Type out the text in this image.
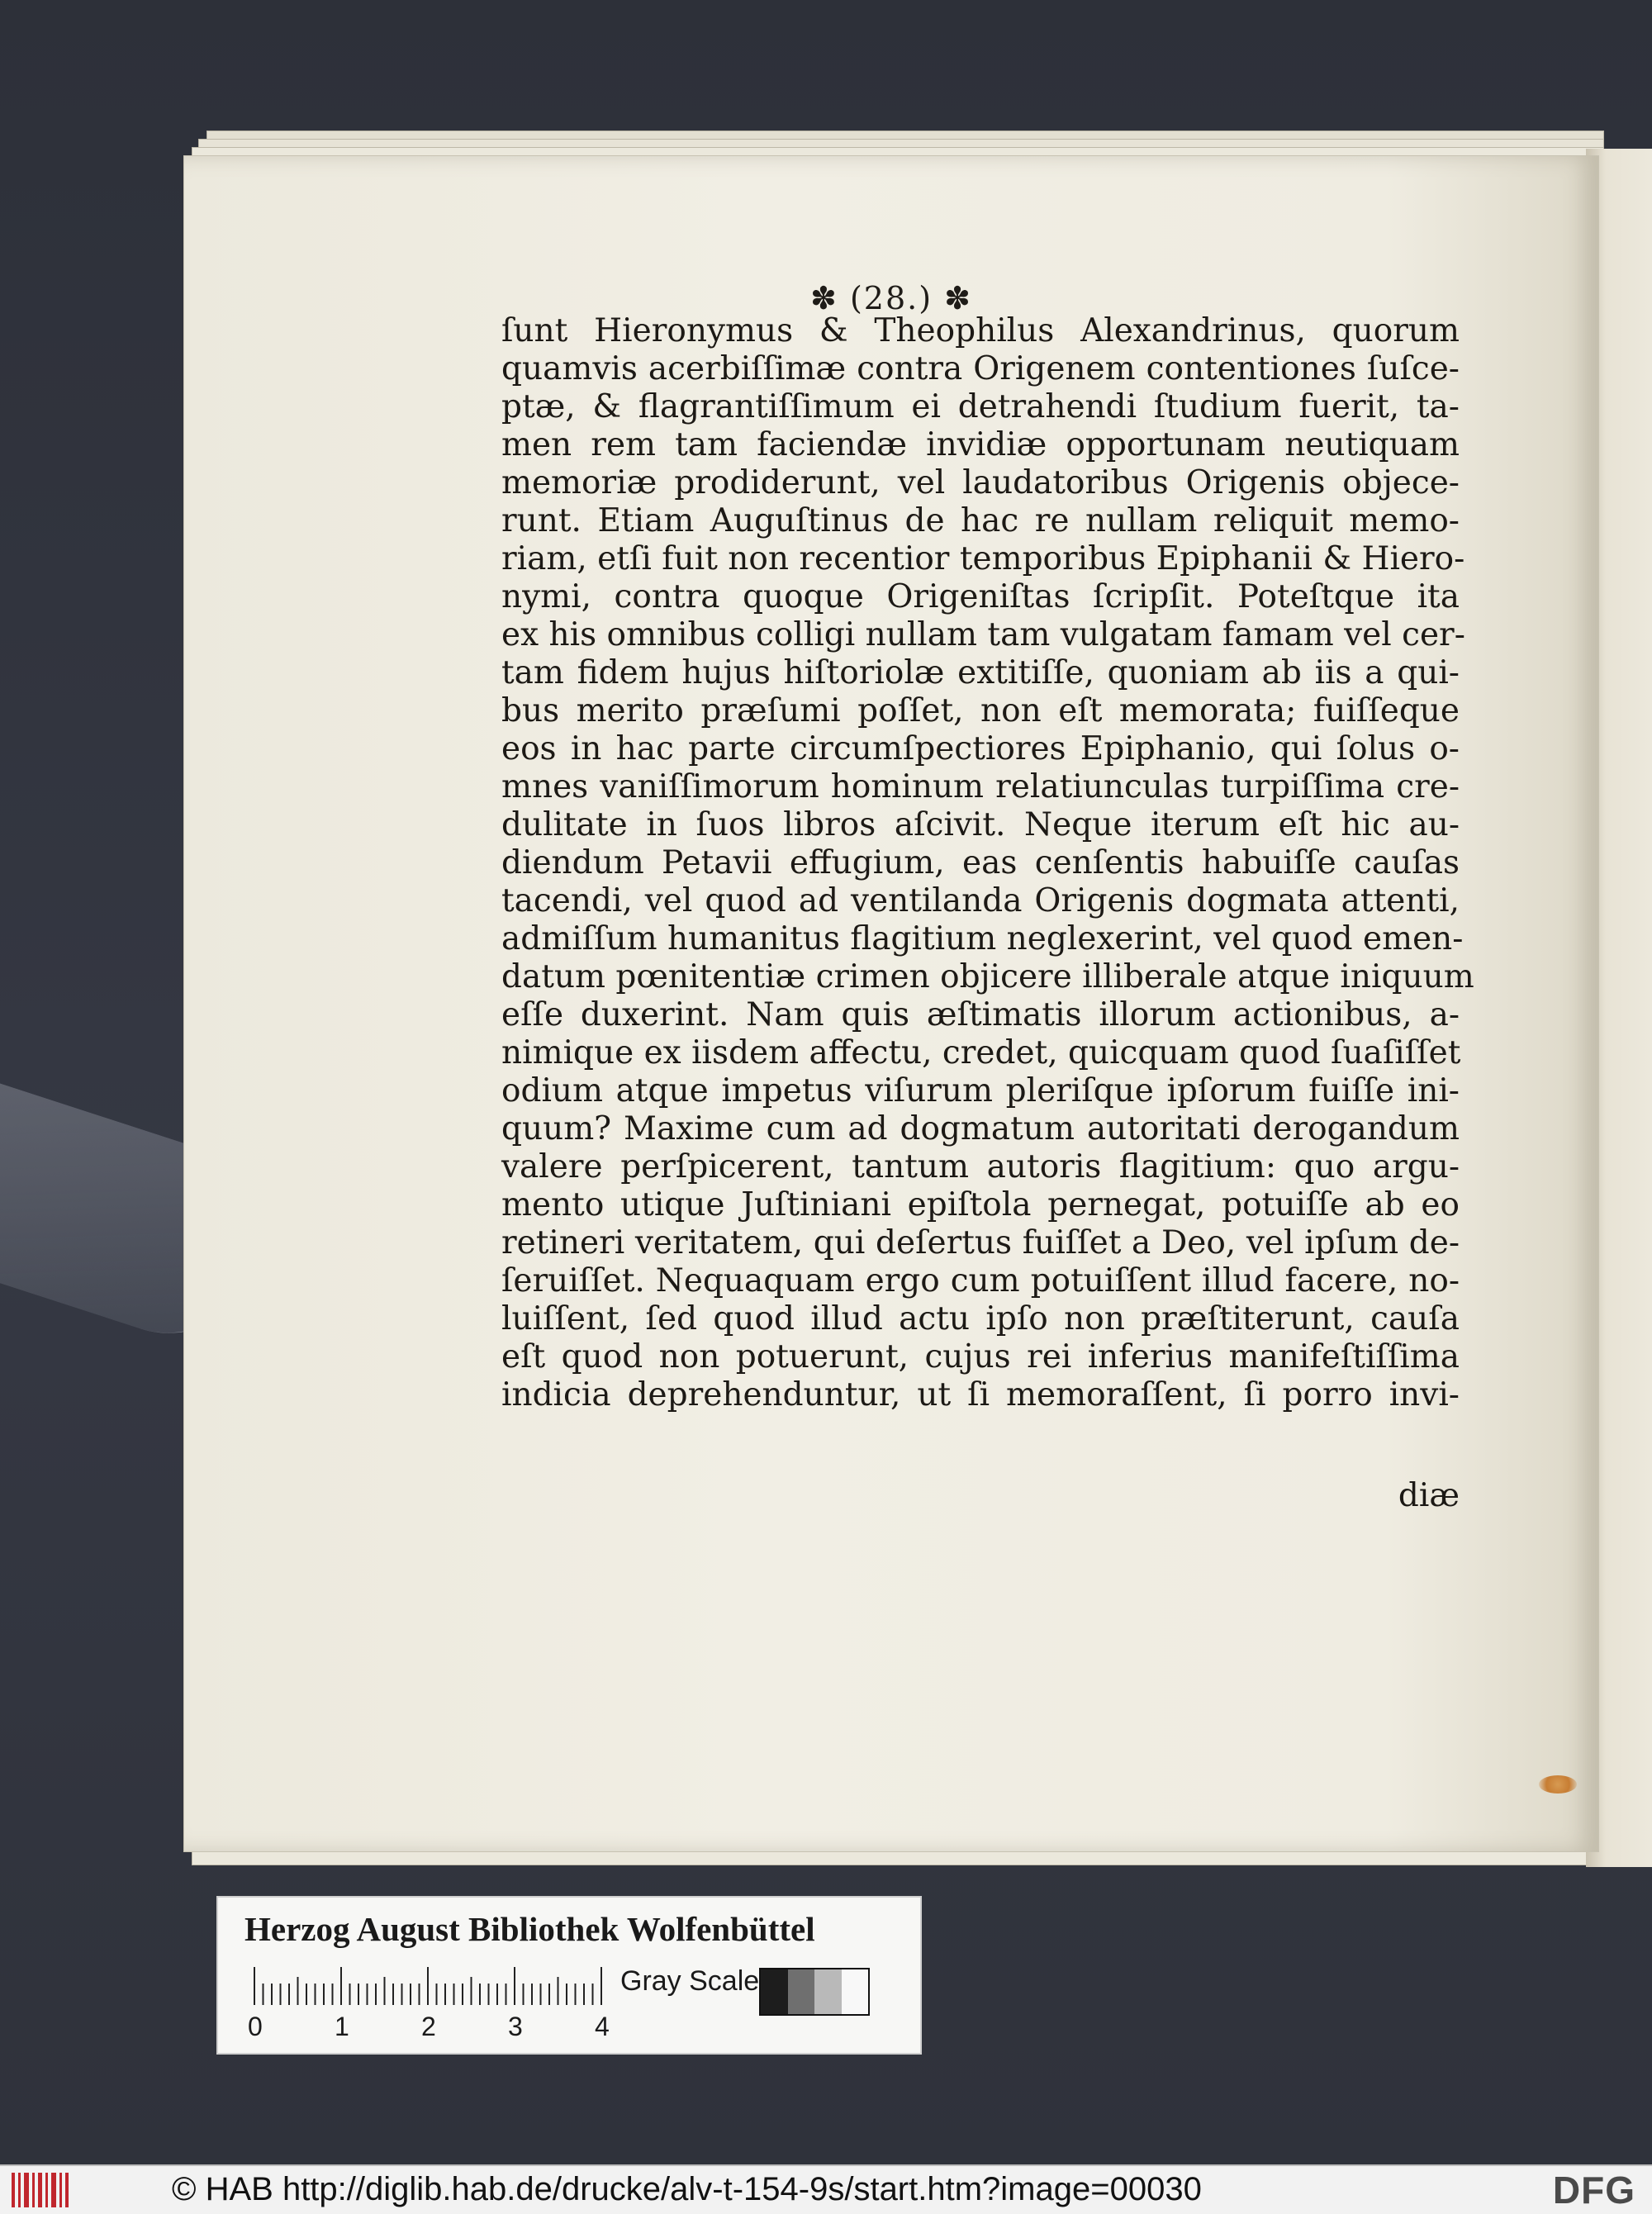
✽ (28.) ✽
ſunt Hieronymus & Theophilus Alexandrinus, quorum
quamvis acerbiſſimæ contra Origenem contentiones ſuſce-
ptæ, & flagrantiſſimum ei detrahendi ſtudium fuerit, ta-
men rem tam faciendæ invidiæ opportunam neutiquam
memoriæ prodiderunt, vel laudatoribus Origenis objece-
runt. Etiam Auguſtinus de hac re nullam reliquit memo-
riam, etſi fuit non recentior temporibus Epiphanii & Hiero-
nymi, contra quoque Origeniſtas ſcripſit. Poteſtque ita
ex his omnibus colligi nullam tam vulgatam famam vel cer-
tam fidem hujus hiſtoriolæ extitiſſe, quoniam ab iis a qui-
bus merito præſumi poſſet, non eſt memorata; fuiſſeque
eos in hac parte circumſpectiores Epiphanio, qui ſolus o-
mnes vaniſſimorum hominum relatiunculas turpiſſima cre-
dulitate in ſuos libros aſcivit. Neque iterum eſt hic au-
diendum Petavii effugium, eas cenſentis habuiſſe cauſas
tacendi, vel quod ad ventilanda Origenis dogmata attenti,
admiſſum humanitus flagitium neglexerint, vel quod emen-
datum pœnitentiæ crimen objicere illiberale atque iniquum
eſſe duxerint. Nam quis æſtimatis illorum actionibus, a-
nimique ex iisdem affectu, credet, quicquam quod ſuaſiſſet
odium atque impetus viſurum pleriſque ipſorum fuiſſe ini-
quum? Maxime cum ad dogmatum autoritati derogandum
valere perſpicerent, tantum autoris flagitium: quo argu-
mento utique Juſtiniani epiſtola pernegat, potuiſſe ab eo
retineri veritatem, qui deſertus fuiſſet a Deo, vel ipſum de-
ſeruiſſet. Nequaquam ergo cum potuiſſent illud facere, no-
luiſſent, ſed quod illud actu ipſo non præſtiterunt, cauſa
eſt quod non potuerunt, cujus rei inferius manifeſtiſſima
indicia deprehenduntur, ut ſi memoraſſent, ſi porro invi-
diæ
Herzog August Bibliothek Wolfenbüttel
0	1	2	3	4
Gray Scale
© HAB http://diglib.hab.de/drucke/alv-t-154-9s/start.htm?image=00030	DFG
